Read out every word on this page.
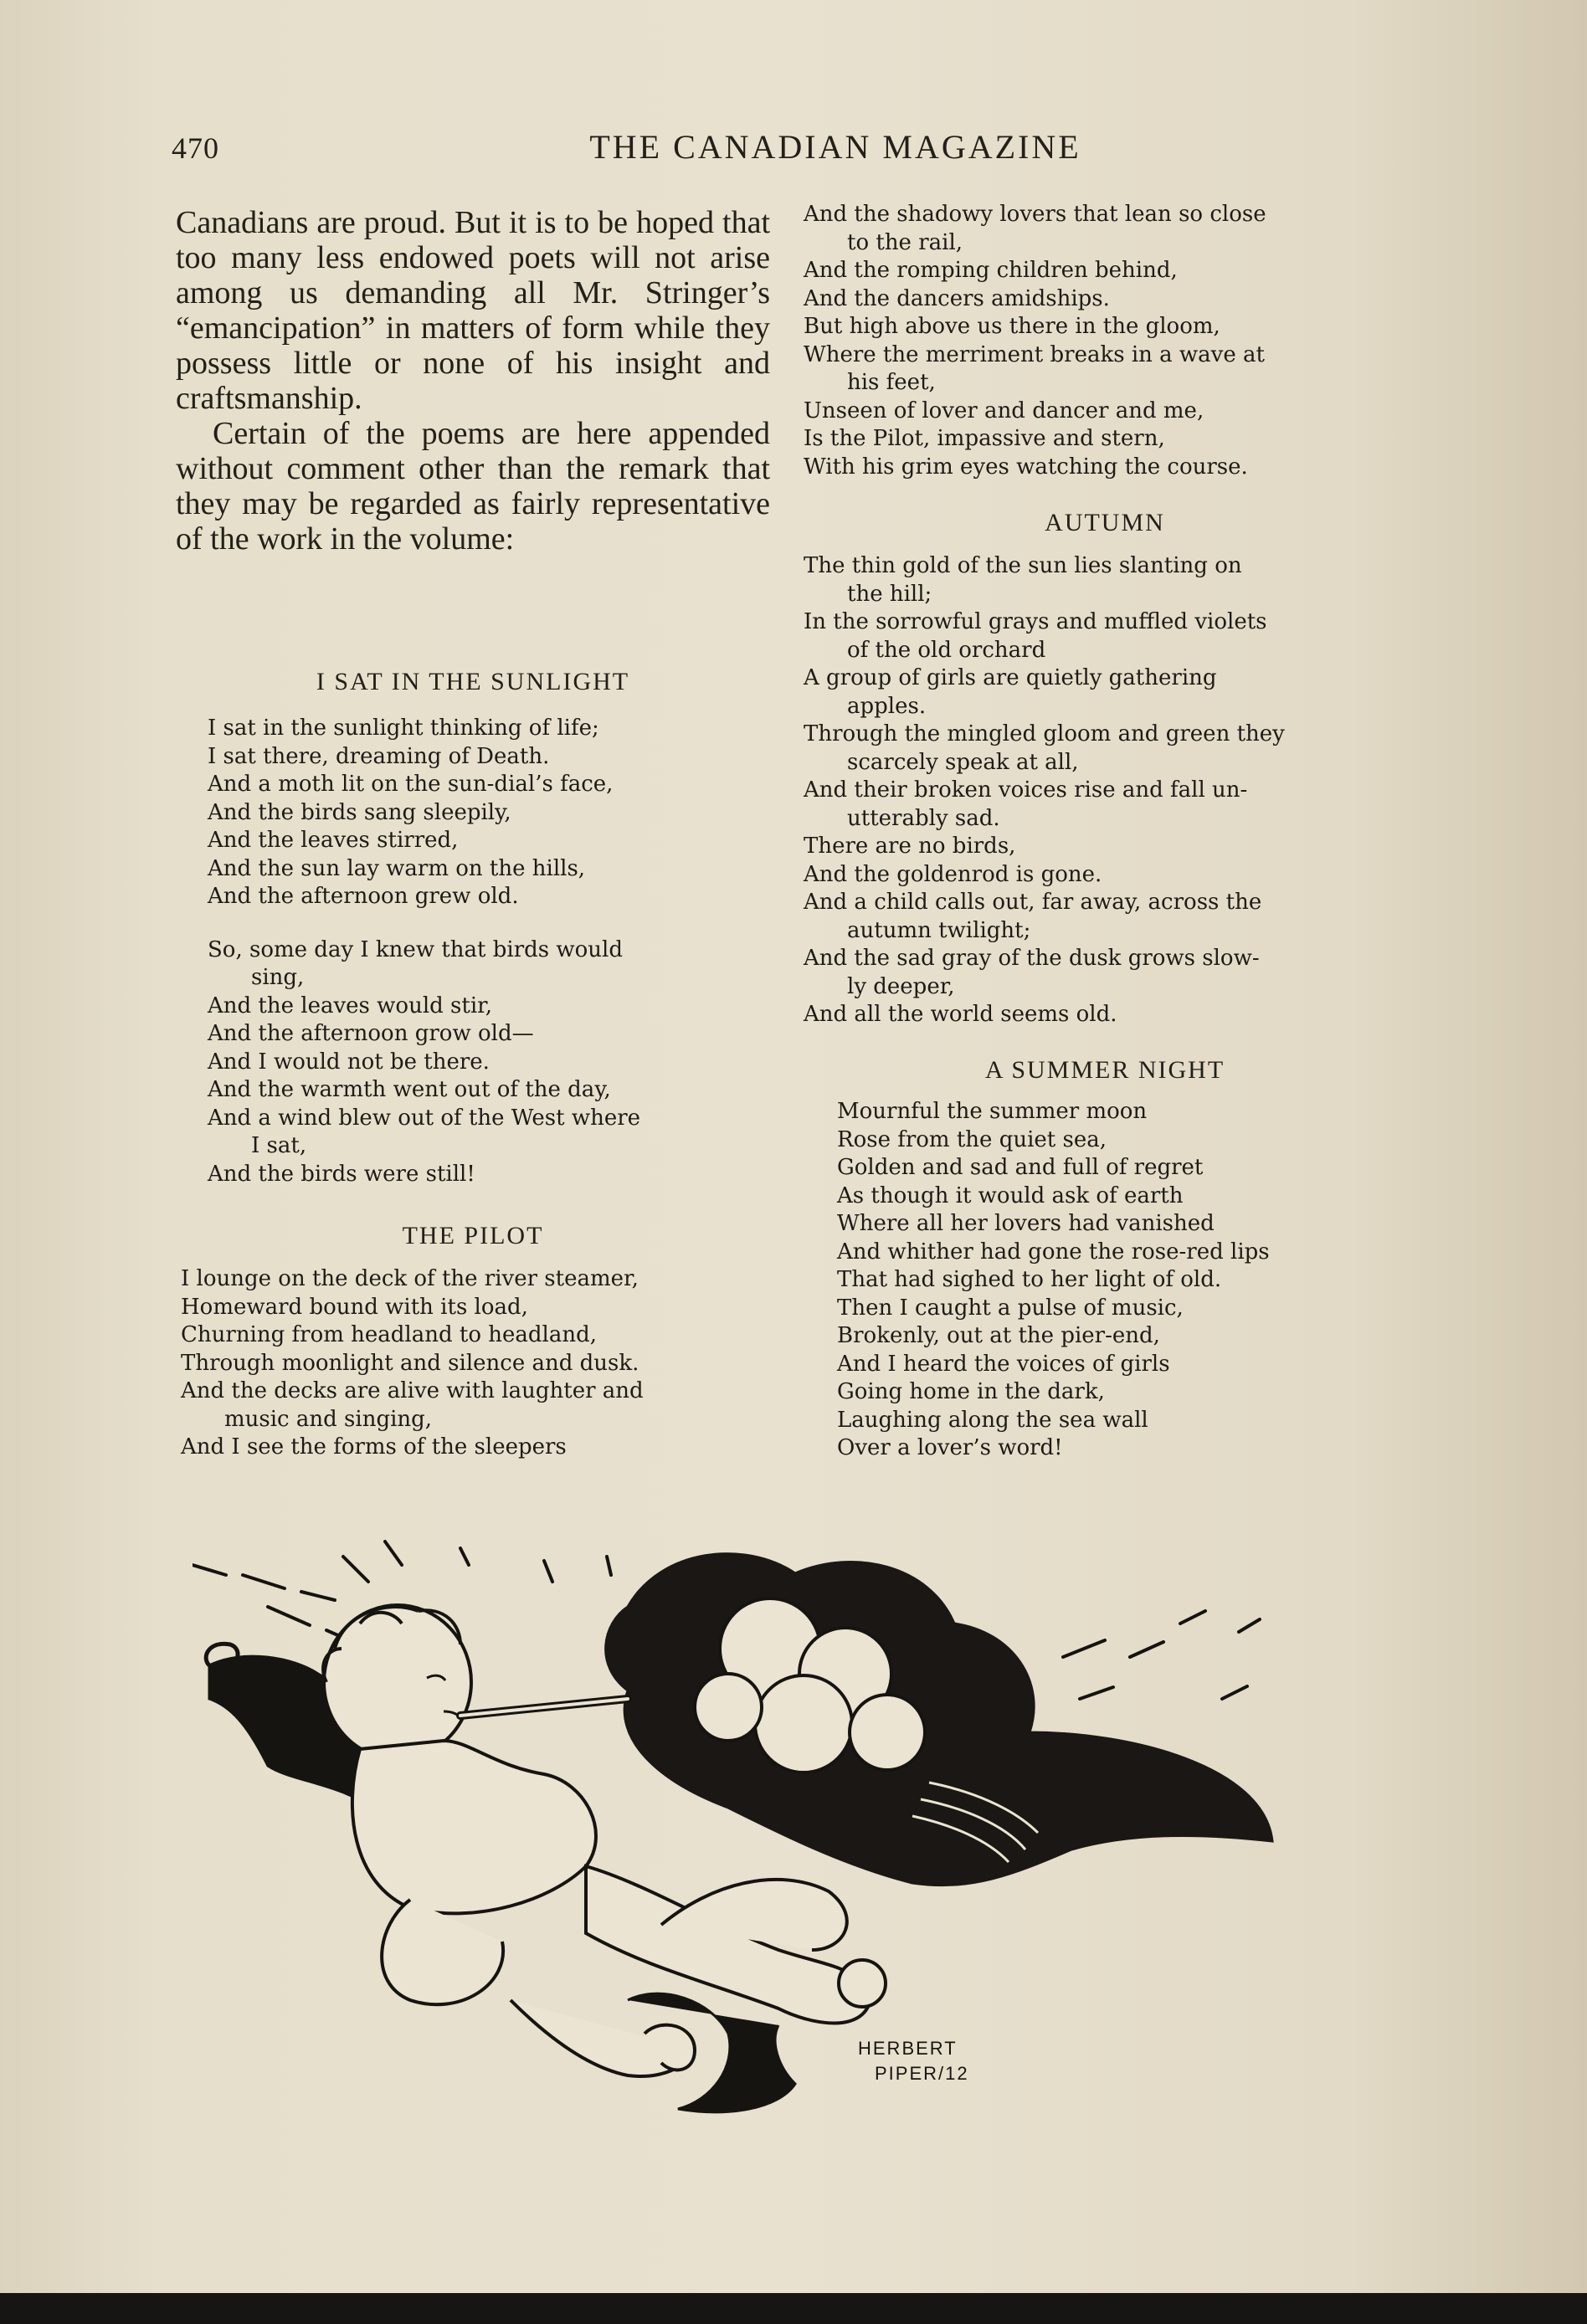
470	THE CANADIAN MAGAZINE

Canadians are proud. But it is to be hoped that too many less endowed poets will not arise among us demanding all Mr. Stringer’s “emancipation” in matters of form while they possess little or none of his insight and craftsmanship.

Certain of the poems are here appended without comment other than the remark that they may be regarded as fairly representative of the work in the volume:

I SAT IN THE SUNLIGHT
I sat in the sunlight thinking of life;
I sat there, dreaming of Death.
And a moth lit on the sun-dial’s face,
And the birds sang sleepily,
And the leaves stirred,
And the sun lay warm on the hills,
And the afternoon grew old.
So, some day I knew that birds would
sing,
And the leaves would stir,
And the afternoon grow old—
And I would not be there.
And the warmth went out of the day,
And a wind blew out of the West where
I sat,
And the birds were still!
THE PILOT
I lounge on the deck of the river steamer,
Homeward bound with its load,
Churning from headland to headland,
Through moonlight and silence and dusk.
And the decks are alive with laughter and
music and singing,
And I see the forms of the sleepers
And the shadowy lovers that lean so close
to the rail,
And the romping children behind,
And the dancers amidships.
But high above us there in the gloom,
Where the merriment breaks in a wave at
his feet,
Unseen of lover and dancer and me,
Is the Pilot, impassive and stern,
With his grim eyes watching the course.
AUTUMN
The thin gold of the sun lies slanting on
the hill;
In the sorrowful grays and muffled violets
of the old orchard
A group of girls are quietly gathering
apples.
Through the mingled gloom and green they
scarcely speak at all,
And their broken voices rise and fall un-
utterably sad.
There are no birds,
And the goldenrod is gone.
And a child calls out, far away, across the
autumn twilight;
And the sad gray of the dusk grows slow-
ly deeper,
And all the world seems old.
A SUMMER NIGHT
Mournful the summer moon
Rose from the quiet sea,
Golden and sad and full of regret
As though it would ask of earth
Where all her lovers had vanished
And whither had gone the rose-red lips
That had sighed to her light of old.
Then I caught a pulse of music,
Brokenly, out at the pier-end,
And I heard the voices of girls
Going home in the dark,
Laughing along the sea wall
Over a lover’s word!
HERBERT
PIPER/12
